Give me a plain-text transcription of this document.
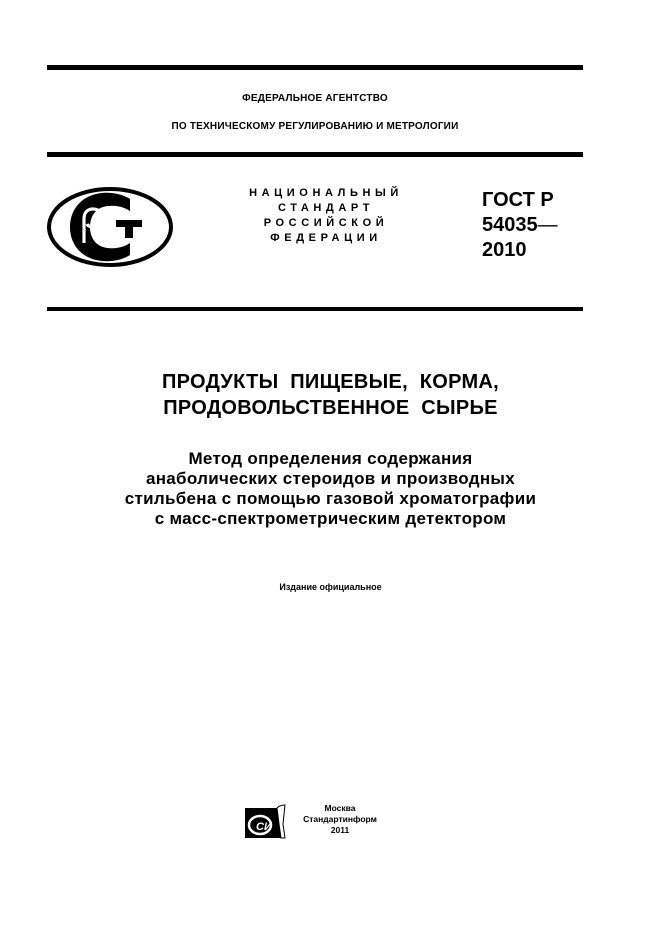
ФЕДЕРАЛЬНОЕ АГЕНТСТВО
ПО ТЕХНИЧЕСКОМУ РЕГУЛИРОВАНИЮ И МЕТРОЛОГИИ
НАЦИОНАЛЬНЫЙ
СТАНДАРТ
РОССИЙСКОЙ
ФЕДЕРАЦИИ
ГОСТ Р
54035—
2010
ПРОДУКТЫ  ПИЩЕВЫЕ,  КОРМА,
ПРОДОВОЛЬСТВЕННОЕ  СЫРЬЕ
Метод определения содержания
анаболических стероидов и производных
стильбена с помощью газовой хроматографии
с масс-спектрометрическим детектором
Издание официальное
СИ
Москва
Стандартинформ
2011
